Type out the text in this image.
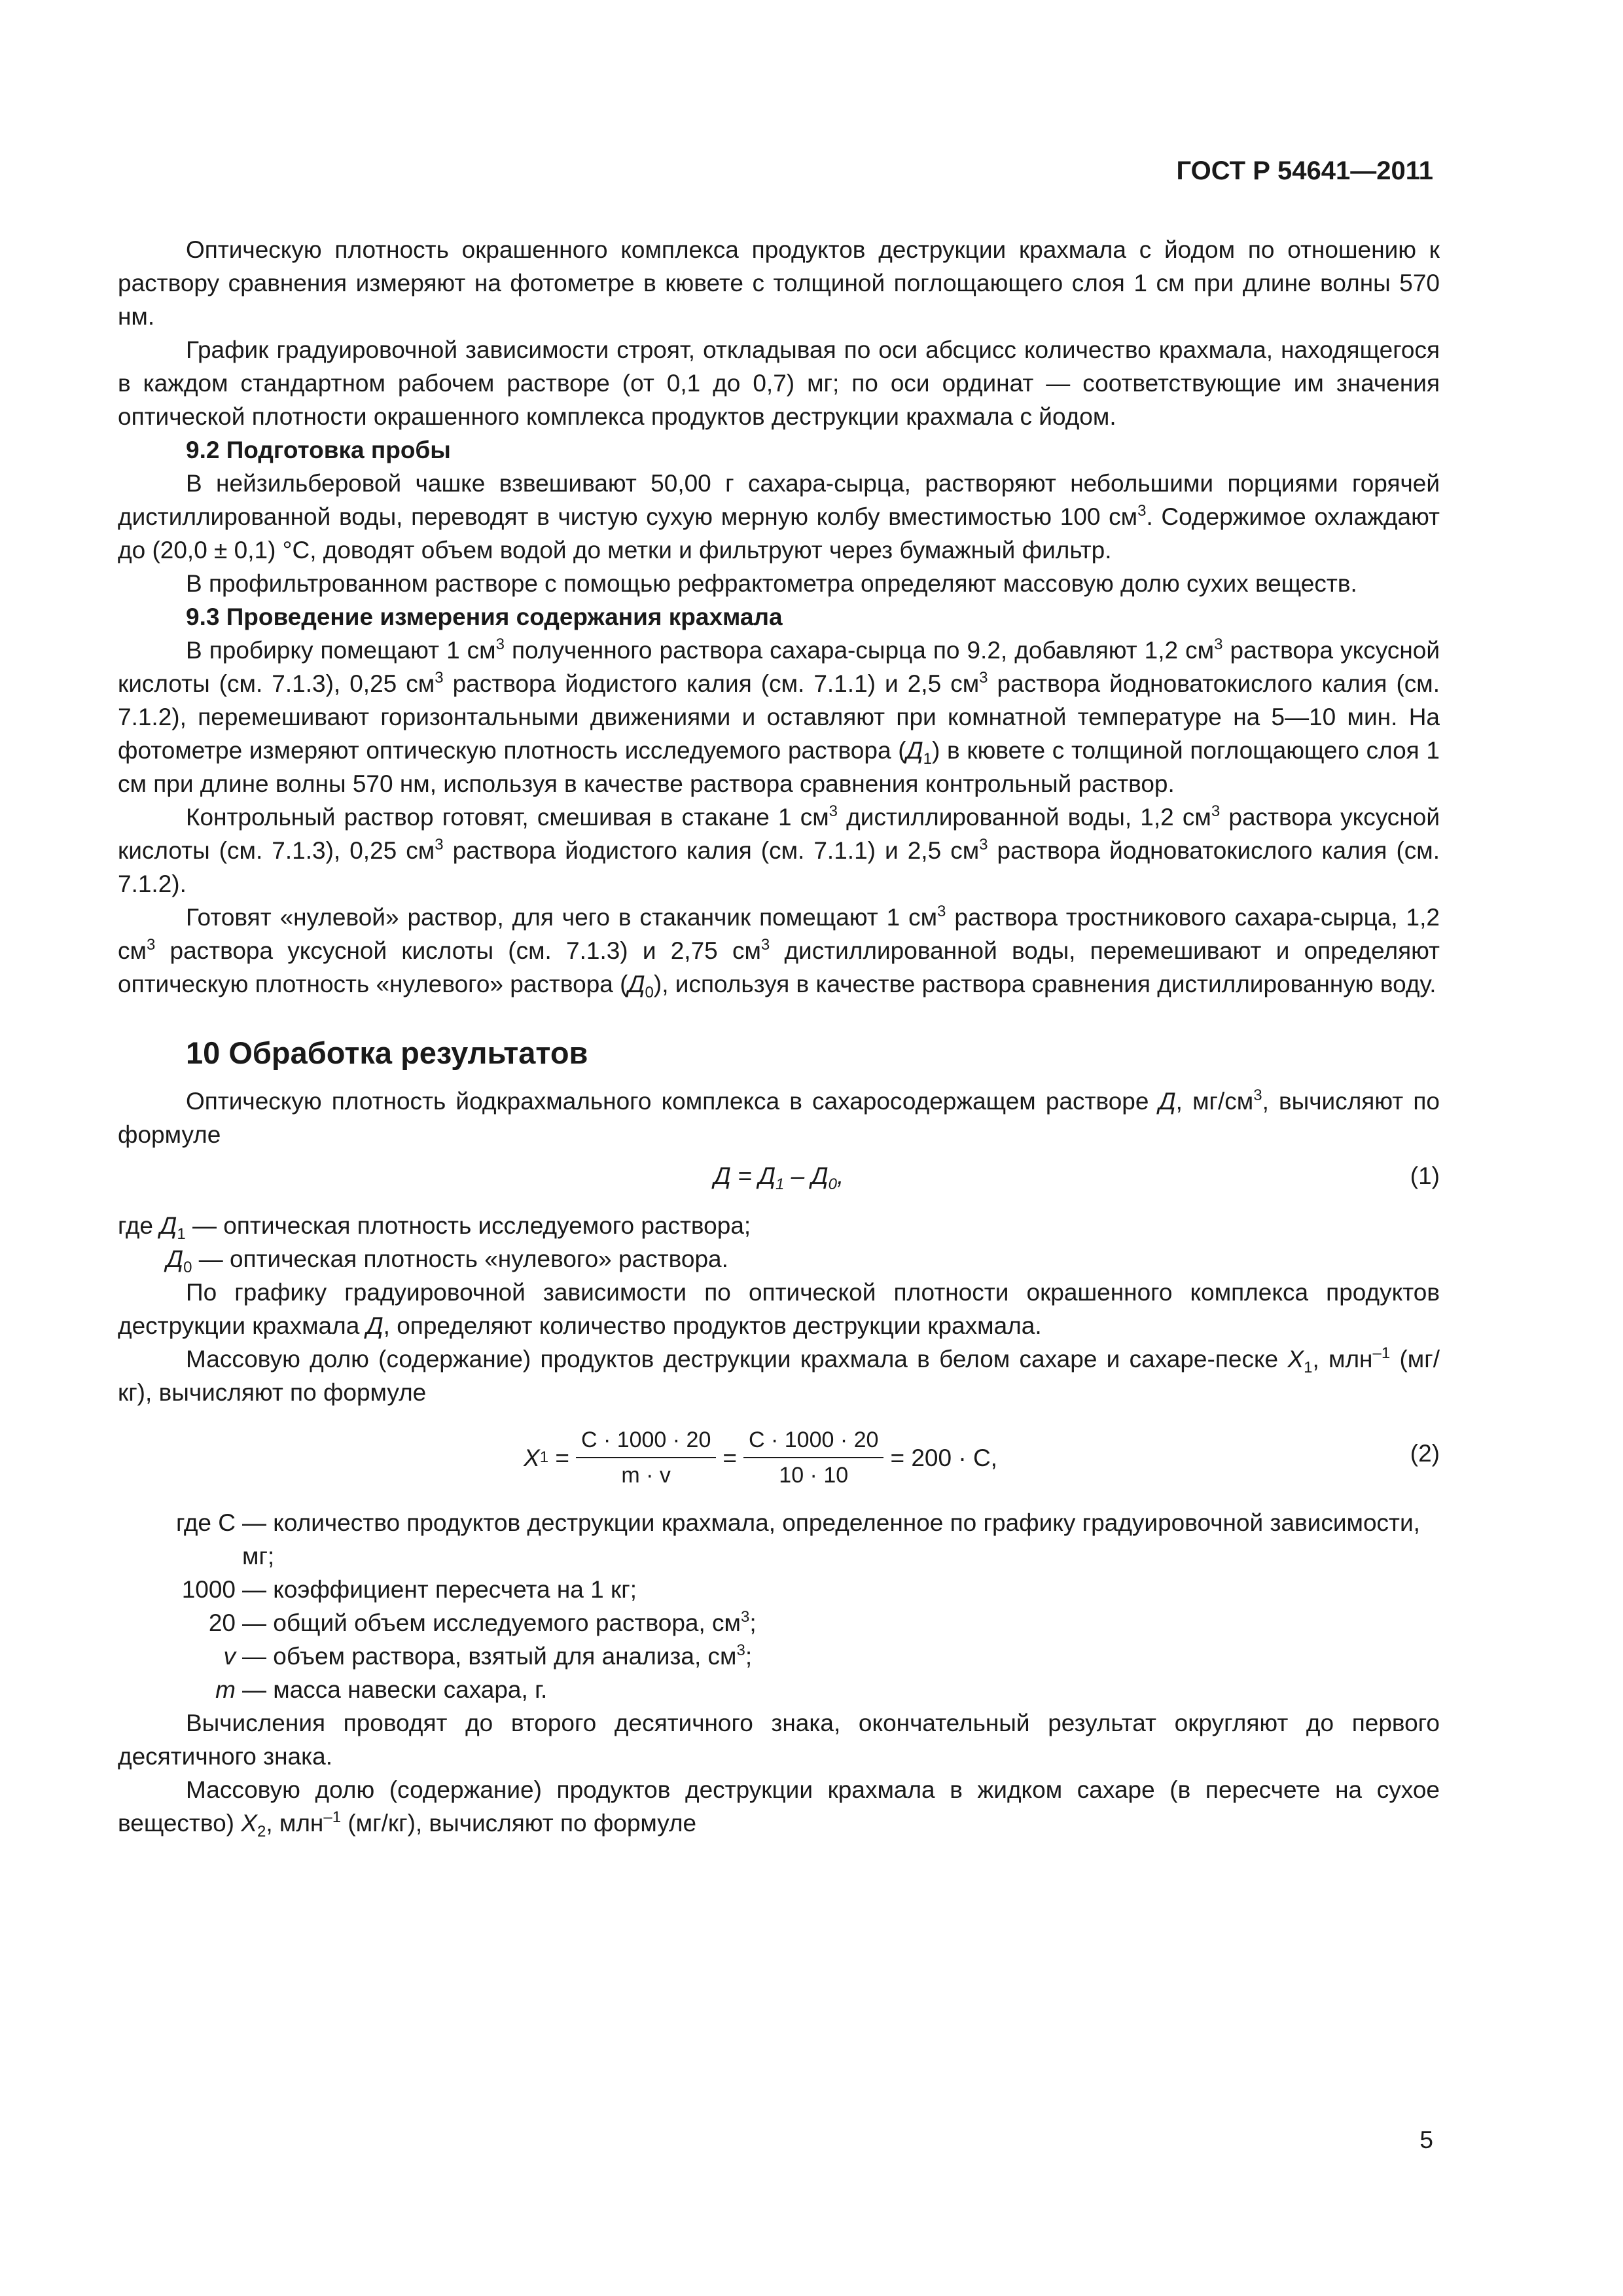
ГОСТ Р 54641—2011

Оптическую плотность окрашенного комплекса продуктов деструкции крахмала с йодом по отношению к раствору сравнения измеряют на фотометре в кювете с толщиной поглощающего слоя 1 см при длине волны 570 нм.

График градуировочной зависимости строят, откладывая по оси абсцисс количество крахмала, находящегося в каждом стандартном рабочем растворе (от 0,1 до 0,7) мг; по оси ординат — соответствующие им значения оптической плотности окрашенного комплекса продуктов деструкции крахмала с йодом.

9.2 Подготовка пробы

В нейзильберовой чашке взвешивают 50,00 г сахара-сырца, растворяют небольшими порциями горячей дистиллированной воды, переводят в чистую сухую мерную колбу вместимостью 100 $см^3$. Содержимое охлаждают до (20,0 ± 0,1) °С, доводят объем водой до метки и фильтруют через бумажный фильтр.

В профильтрованном растворе с помощью рефрактометра определяют массовую долю сухих веществ.

9.3 Проведение измерения содержания крахмала

В пробирку помещают 1 $см^3$ полученного раствора сахара-сырца по 9.2, добавляют 1,2 $см^3$ раствора уксусной кислоты (см. 7.1.3), 0,25 $см^3$ раствора йодистого калия (см. 7.1.1) и 2,5 $см^3$ раствора йодноватокислого калия (см. 7.1.2), перемешивают горизонтальными движениями и оставляют при комнатной температуре на 5—10 мин. На фотометре измеряют оптическую плотность исследуемого раствора $(Д_1)$ в кювете с толщиной поглощающего слоя 1 см при длине волны 570 нм, используя в качестве раствора сравнения контрольный раствор.

Контрольный раствор готовят, смешивая в стакане 1 $см^3$ дистиллированной воды, 1,2 $см^3$ раствора уксусной кислоты (см. 7.1.3), 0,25 $см^3$ раствора йодистого калия (см. 7.1.1) и 2,5 $см^3$ раствора йодноватокислого калия (см. 7.1.2).

Готовят «нулевой» раствор, для чего в стаканчик помещают 1 $см^3$ раствора тростникового сахара-сырца, 1,2 $см^3$ раствора уксусной кислоты (см. 7.1.3) и 2,75 $см^3$ дистиллированной воды, перемешивают и определяют оптическую плотность «нулевого» раствора $(Д_0)$, используя в качестве раствора сравнения дистиллированную воду.

10 Обработка результатов

Оптическую плотность йодкрахмального комплекса в сахаросодержащем растворе Д, $мг/см^3$, вычисляют по формуле

$Д = Д_1 - Д_0$,	(1)

где $Д_1$ — оптическая плотность исследуемого раствора;

$Д_0$ — оптическая плотность «нулевого» раствора.

По графику градуировочной зависимости по оптической плотности окрашенного комплекса продуктов деструкции крахмала Д, определяют количество продуктов деструкции крахмала.

Массовую долю (содержание) продуктов деструкции крахмала в белом сахаре и сахаре-песке $X_1$, млн$^{-1}$ (мг/кг), вычисляют по формуле

X $1 = \frac{C \cdot 1000 \cdot 20}{m \cdot v} = \frac{C \cdot 1000 \cdot 20}{10 \cdot 10} = 200 \cdot C$,	(2)
где C — количество продуктов деструкции крахмала, определенное по графику градуировочной зависимости, мг;
1000 — коэффициент пересчета на 1 кг;
20 — общий объем исследуемого раствора, $см^3$;
v — объем раствора, взятый для анализа, $см^3$;
m — масса навески сахара, г.

Вычисления проводят до второго десятичного знака, окончательный результат округляют до первого десятичного знака.

Массовую долю (содержание) продуктов деструкции крахмала в жидком сахаре (в пересчете на сухое вещество) $X_2$, млн$^{-1}$ (мг/кг), вычисляют по формуле

5
